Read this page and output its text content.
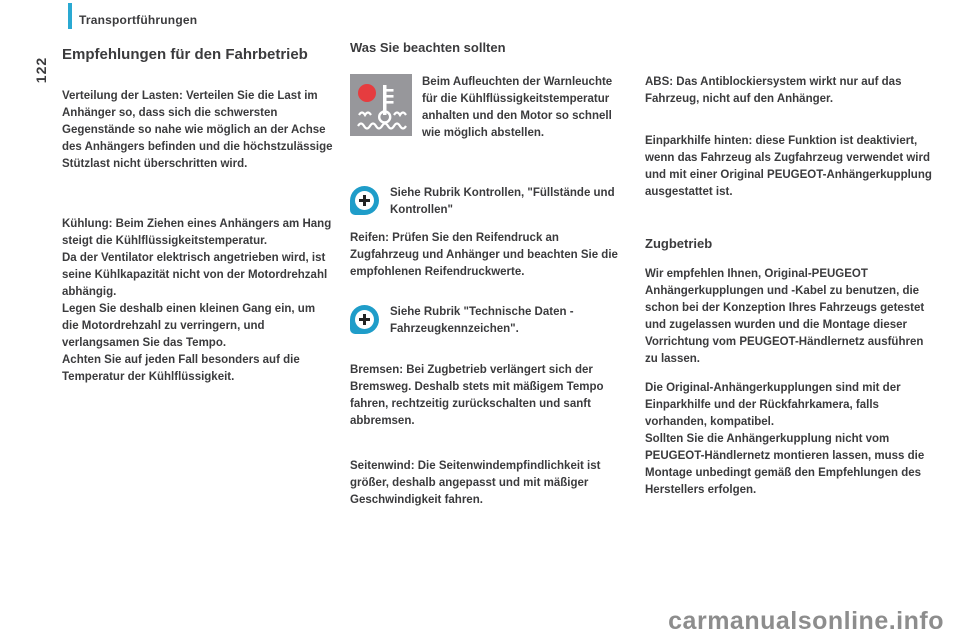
Transportführungen
122
Empfehlungen für den Fahrbetrieb

Verteilung der Lasten: Verteilen Sie die Last im Anhänger so, dass sich die schwersten Gegenstände so nahe wie möglich an der Achse des Anhängers befinden und die höchstzulässige Stützlast nicht überschritten wird.

Kühlung: Beim Ziehen eines Anhängers am Hang steigt die Kühlflüssigkeitstemperatur.

Da der Ventilator elektrisch angetrieben wird, ist seine Kühlkapazität nicht von der Motordrehzahl abhängig.

Legen Sie deshalb einen kleinen Gang ein, um die Motordrehzahl zu verringern, und verlangsamen Sie das Tempo.

Achten Sie auf jeden Fall besonders auf die Temperatur der Kühlflüssigkeit.

Was Sie beachten sollten
Beim Aufleuchten der Warnleuchte für die Kühlflüssigkeitstemperatur anhalten und den Motor so schnell wie möglich abstellen.
Siehe Rubrik Kontrollen, "Füllstände und Kontrollen"

Reifen: Prüfen Sie den Reifendruck an Zugfahrzeug und Anhänger und beachten Sie die empfohlenen Reifendruckwerte.

Siehe Rubrik "Technische Daten - Fahrzeugkennzeichen".

Bremsen: Bei Zugbetrieb verlängert sich der Bremsweg. Deshalb stets mit mäßigem Tempo fahren, rechtzeitig zurückschalten und sanft abbremsen.

Seitenwind: Die Seitenwindempfindlichkeit ist größer, deshalb angepasst und mit mäßiger Geschwindigkeit fahren.

ABS: Das Antiblockiersystem wirkt nur auf das Fahrzeug, nicht auf den Anhänger.

Einparkhilfe hinten: diese Funktion ist deaktiviert, wenn das Fahrzeug als Zugfahrzeug verwendet wird und mit einer Original PEUGEOT-Anhängerkupplung ausgestattet ist.

Zugbetrieb

Wir empfehlen Ihnen, Original-PEUGEOT Anhängerkupplungen und -Kabel zu benutzen, die schon bei der Konzeption Ihres Fahrzeugs getestet und zugelassen wurden und die Montage dieser Vorrichtung vom PEUGEOT-Händlernetz ausführen zu lassen.

Die Original-Anhängerkupplungen sind mit der Einparkhilfe und der Rückfahrkamera, falls vorhanden, kompatibel.

Sollten Sie die Anhängerkupplung nicht vom PEUGEOT-Händlernetz montieren lassen, muss die Montage unbedingt gemäß den Empfehlungen des Herstellers erfolgen.

carmanualsonline.info
